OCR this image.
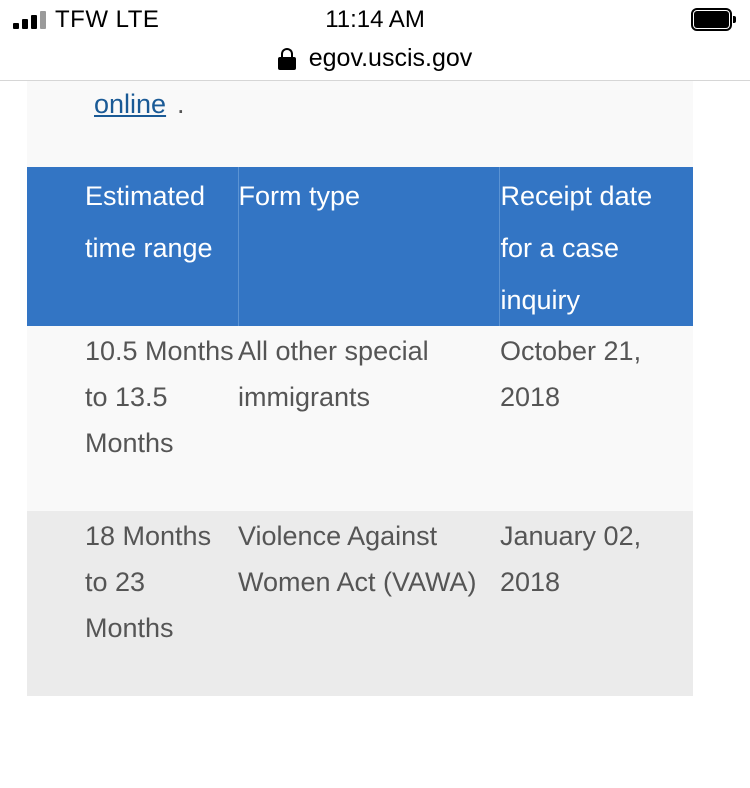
TFW LTE	11:14 AM
egov.uscis.gov
online .
Estimated time range	Form type	Receipt date for a case inquiry
10.5 Months to 13.5 Months	All other special immigrants	October 21, 2018
18 Months to 23 Months	Violence Against Women Act (VAWA)	January 02, 2018
